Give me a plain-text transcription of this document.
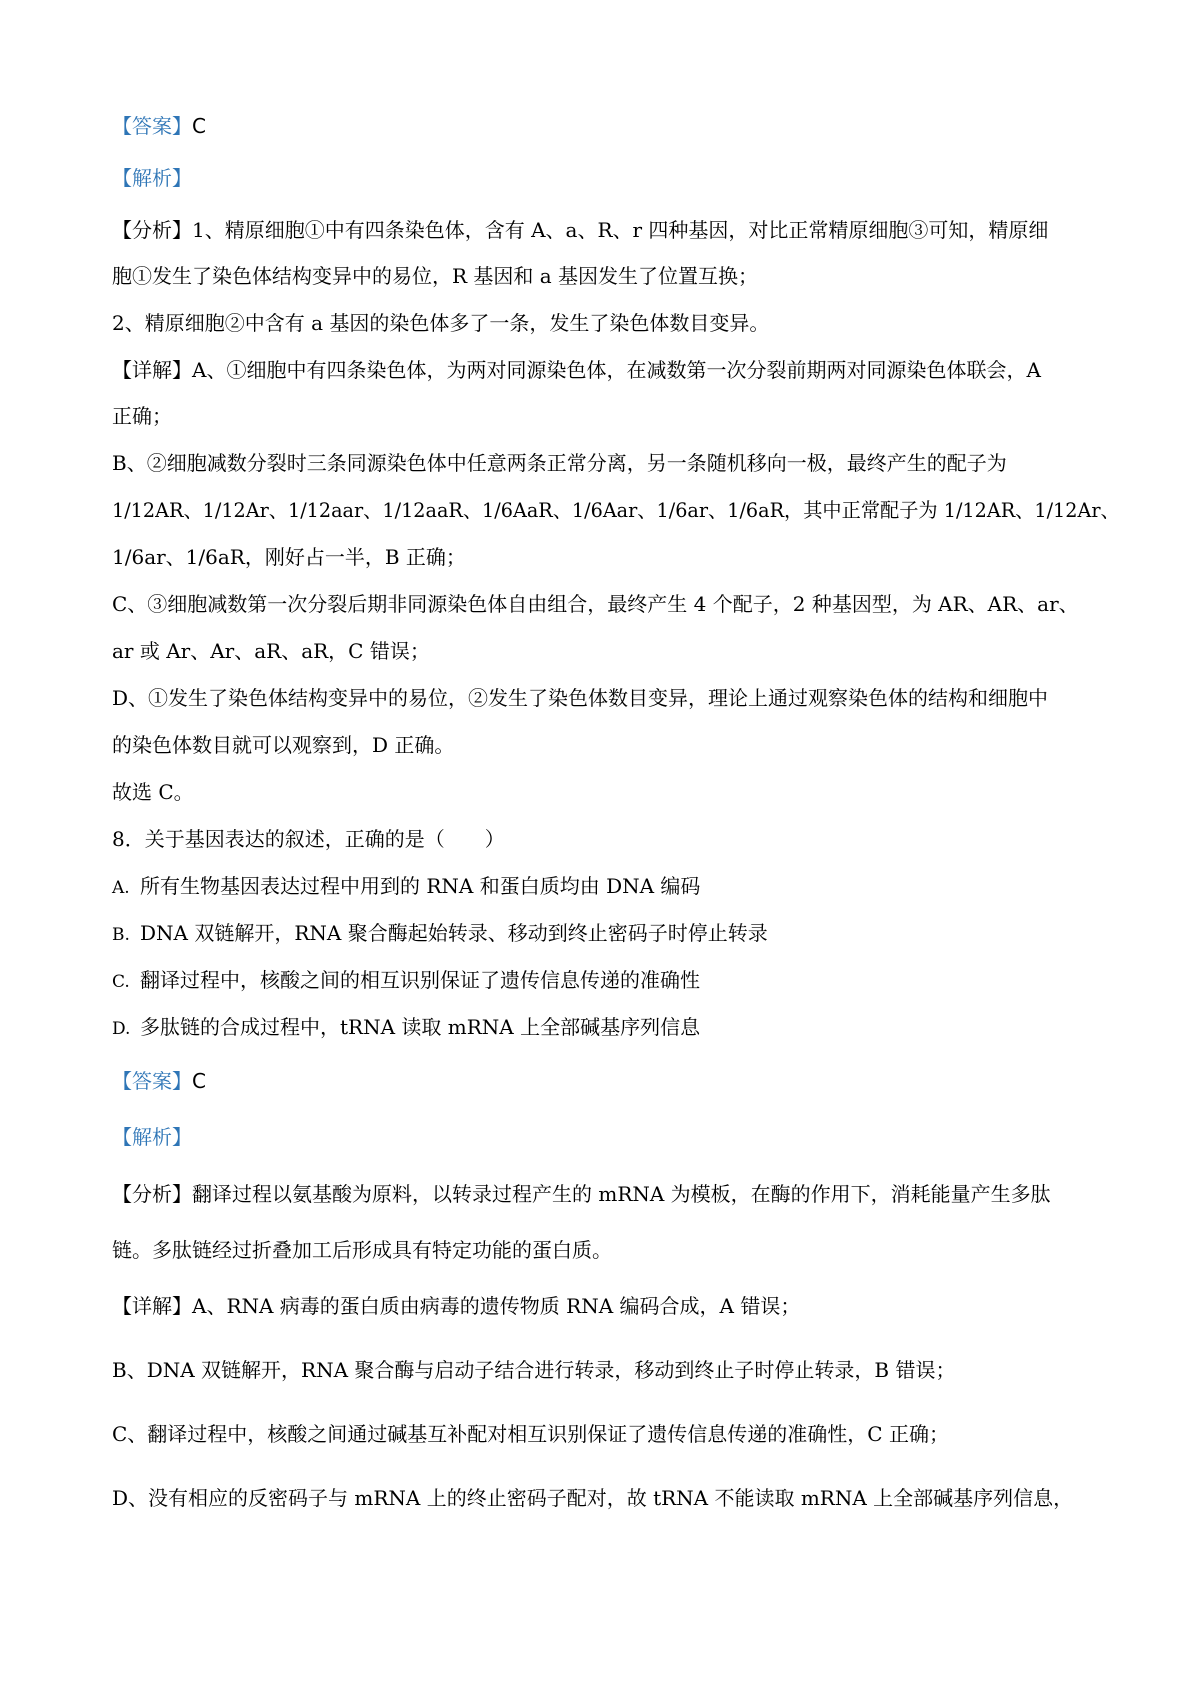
【答案】C
【解析】
【分析】1、精原细胞①中有四条染色体，含有 A、a、R、r 四种基因，对比正常精原细胞③可知，精原细
胞①发生了染色体结构变异中的易位，R 基因和 a 基因发生了位置互换；
2、精原细胞②中含有 a 基因的染色体多了一条，发生了染色体数目变异。
【详解】A、①细胞中有四条染色体，为两对同源染色体，在减数第一次分裂前期两对同源染色体联会，A
正确；
B、②细胞减数分裂时三条同源染色体中任意两条正常分离，另一条随机移向一极，最终产生的配子为
1/12AR、1/12Ar、1/12aar、1/12aaR、1/6AaR、1/6Aar、1/6ar、1/6aR，其中正常配子为 1/12AR、1/12Ar、
1/6ar、1/6aR，刚好占一半，B 正确；
C、③细胞减数第一次分裂后期非同源染色体自由组合，最终产生 4 个配子，2 种基因型，为 AR、AR、ar、
ar 或 Ar、Ar、aR、aR，C 错误；
D、①发生了染色体结构变异中的易位，②发生了染色体数目变异，理论上通过观察染色体的结构和细胞中
的染色体数目就可以观察到，D 正确。
故选 C。
8．关于基因表达的叙述，正确的是（　　）
A. 所有生物基因表达过程中用到的 RNA 和蛋白质均由 DNA 编码
B. DNA 双链解开，RNA 聚合酶起始转录、移动到终止密码子时停止转录
C. 翻译过程中，核酸之间的相互识别保证了遗传信息传递的准确性
D. 多肽链的合成过程中，tRNA 读取 mRNA 上全部碱基序列信息
【答案】C
【解析】
【分析】翻译过程以氨基酸为原料，以转录过程产生的 mRNA 为模板，在酶的作用下，消耗能量产生多肽
链。多肽链经过折叠加工后形成具有特定功能的蛋白质。
【详解】A、RNA 病毒的蛋白质由病毒的遗传物质 RNA 编码合成，A 错误；
B、DNA 双链解开，RNA 聚合酶与启动子结合进行转录，移动到终止子时停止转录，B 错误；
C、翻译过程中，核酸之间通过碱基互补配对相互识别保证了遗传信息传递的准确性，C 正确；
D、没有相应的反密码子与 mRNA 上的终止密码子配对，故 tRNA 不能读取 mRNA 上全部碱基序列信息，
